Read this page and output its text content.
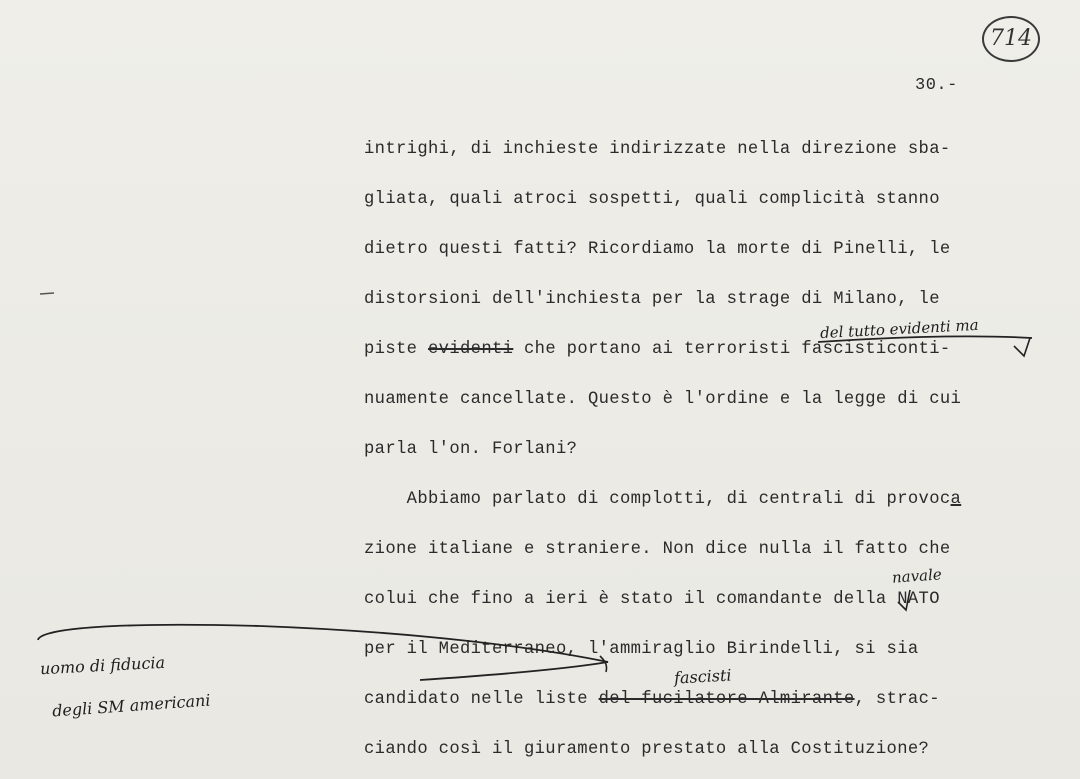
714
30.-
intrighi, di inchieste indirizzate nella direzione sba-
gliata, quali atroci sospetti, quali complicità stanno
dietro questi fatti? Ricordiamo la morte di Pinelli, le
distorsioni dell'inchiesta per la strage di Milano, le
piste evidenti che portano ai terroristi fascisticonti-
nuamente cancellate. Questo è l'ordine e la legge di cui
parla l'on. Forlani?
Abbiamo parlato di complotti, di centrali di provoca
zione italiane e straniere. Non dice nulla il fatto che
colui che fino a ieri è stato il comandante della NATO
per il Mediterraneo, l'ammiraglio Birindelli, si sia
candidato nelle liste del fucilatore Almirante, strac-
ciando così il giuramento prestato alla Costituzione?
del tutto evidenti ma
navale
fascisti
uomo di fiducia
degli SM americani
